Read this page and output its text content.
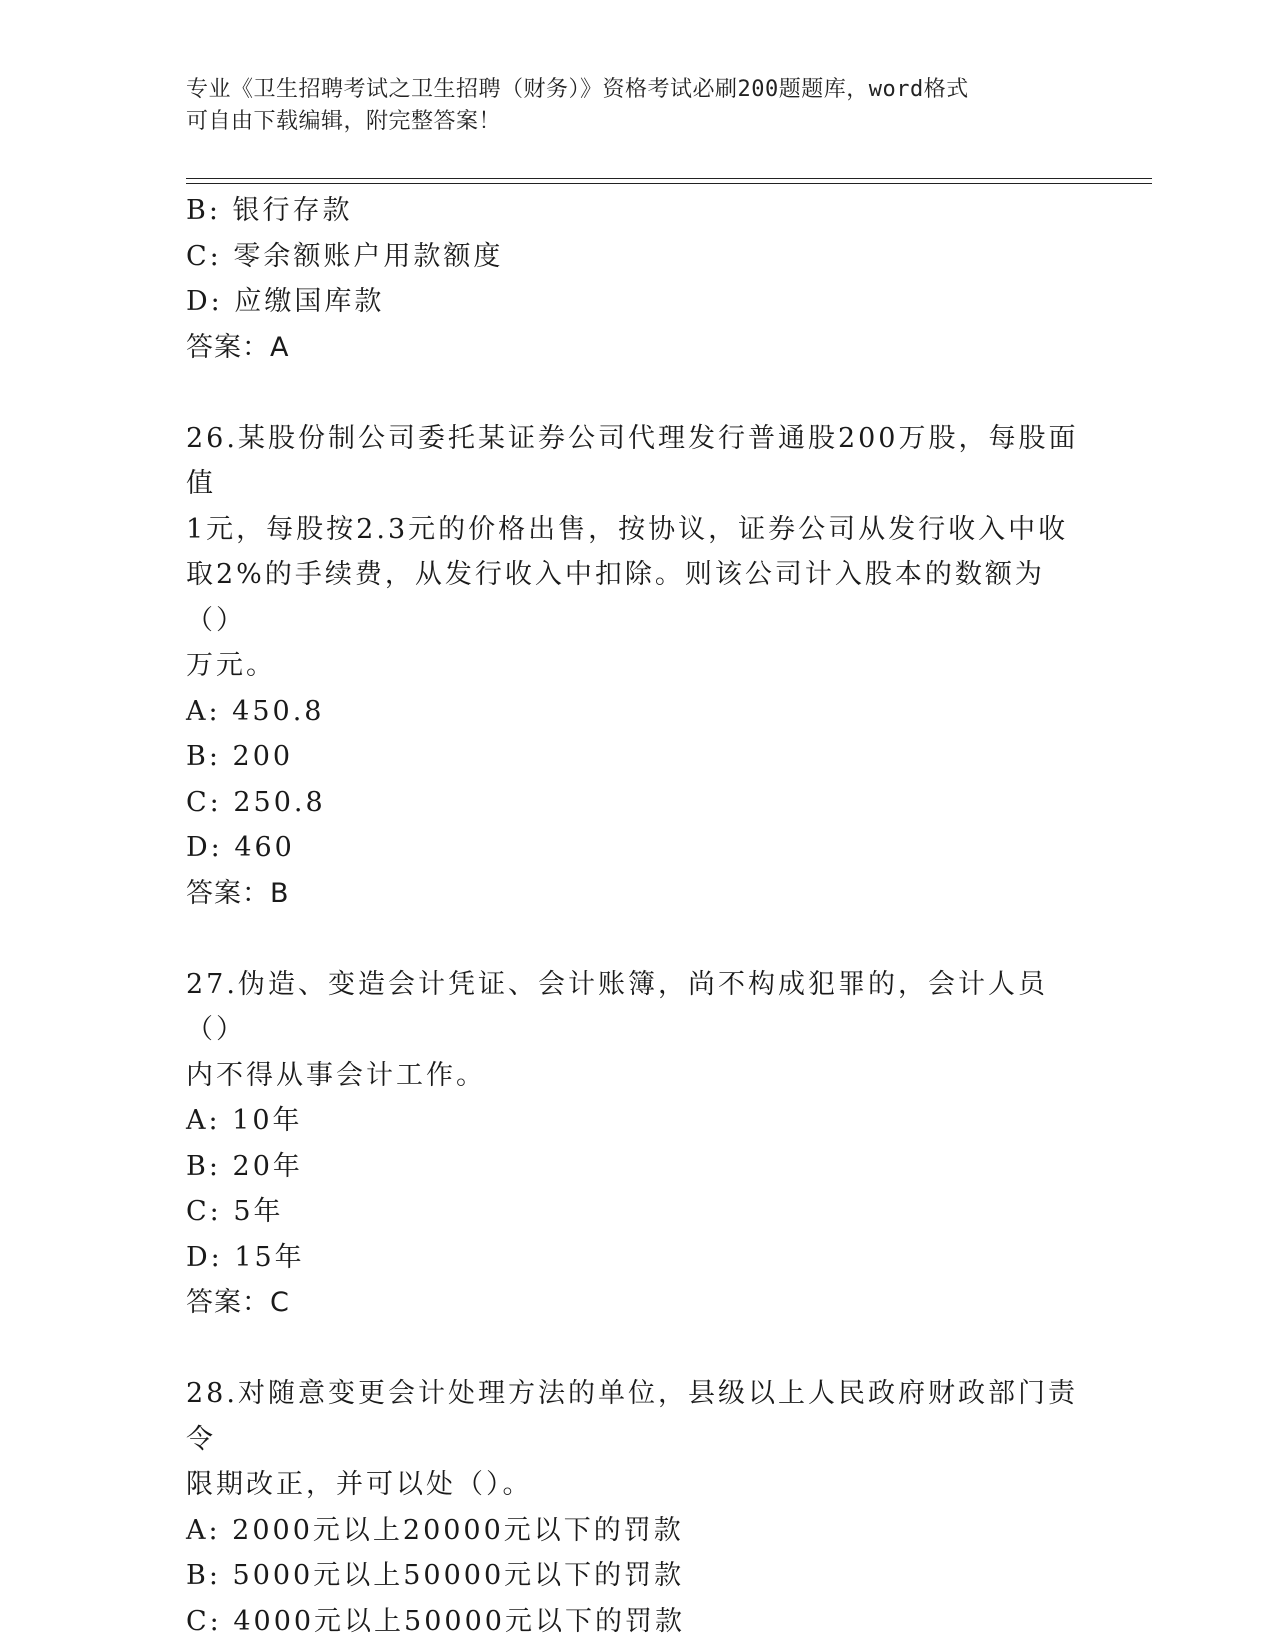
专业《卫生招聘考试之卫生招聘（财务）》资格考试必刷200题题库，word格式
可自由下载编辑，附完整答案！
B: 银行存款
C: 零余额账户用款额度
D: 应缴国库款
答案：A
26.某股份制公司委托某证券公司代理发行普通股200万股，每股面值
1元，每股按2.3元的价格出售，按协议，证券公司从发行收入中收
取2%的手续费，从发行收入中扣除。则该公司计入股本的数额为（）
万元。
A: 450.8
B: 200
C: 250.8
D: 460
答案：B
27.伪造、变造会计凭证、会计账簿，尚不构成犯罪的，会计人员（）
内不得从事会计工作。
A: 10年
B: 20年
C: 5年
D: 15年
答案：C
28.对随意变更会计处理方法的单位，县级以上人民政府财政部门责令
限期改正，并可以处（）。
A: 2000元以上20000元以下的罚款
B: 5000元以上50000元以下的罚款
C: 4000元以上50000元以下的罚款
